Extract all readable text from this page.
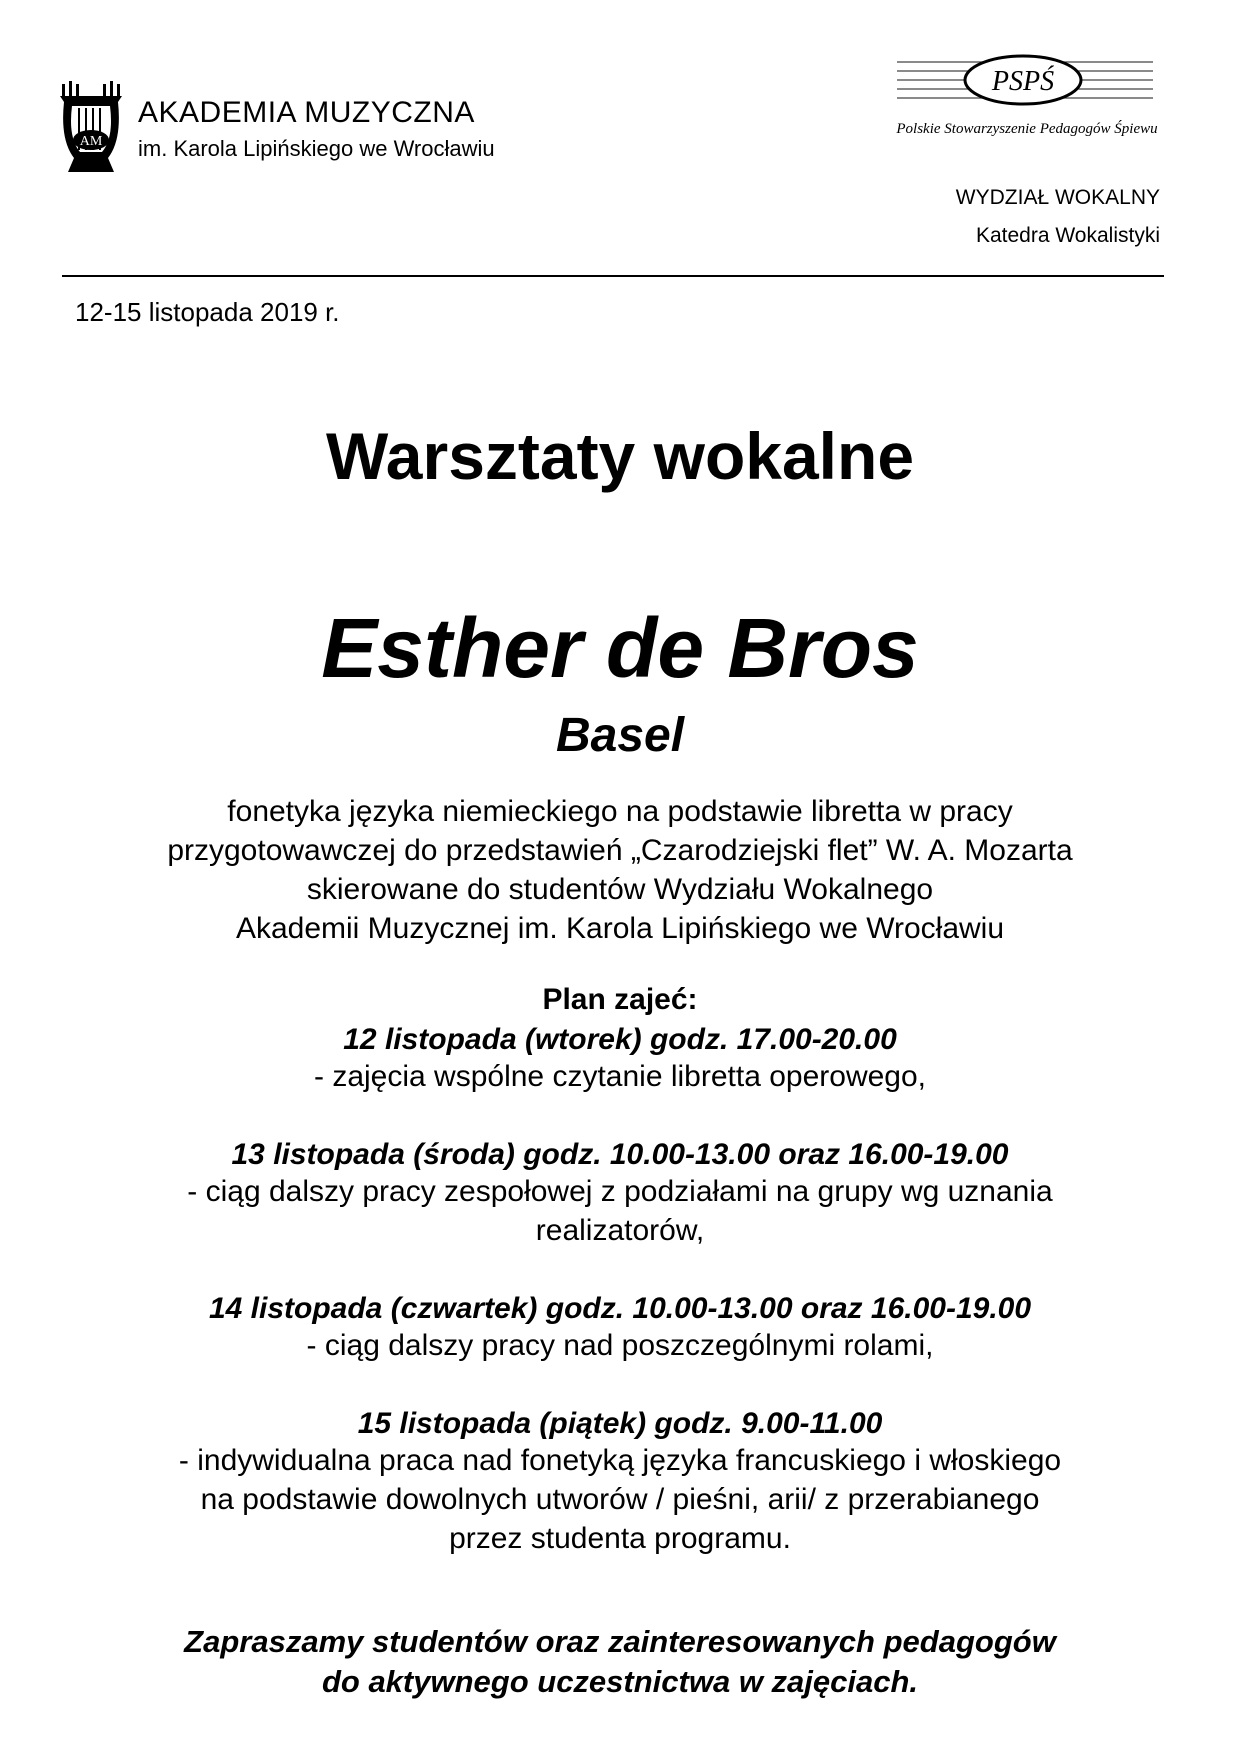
AM
AKADEMIA MUZYCZNA
im. Karola Lipińskiego we Wrocławiu
PSPŚ
Polskie Stowarzyszenie Pedagogów Śpiewu
WYDZIAŁ WOKALNY
Katedra Wokalistyki
12-15 listopada 2019 r.
Warsztaty wokalne
Esther de Bros
Basel
fonetyka języka niemieckiego na podstawie libretta w pracy
przygotowawczej do przedstawień „Czarodziejski flet” W. A. Mozarta
skierowane do studentów Wydziału Wokalnego
Akademii Muzycznej im. Karola Lipińskiego we Wrocławiu
Plan zajeć:
12 listopada (wtorek) godz. 17.00-20.00
- zajęcia wspólne czytanie libretta operowego,
13 listopada (środa) godz. 10.00-13.00 oraz 16.00-19.00
- ciąg dalszy pracy zespołowej z podziałami na grupy wg uznania
realizatorów,
14 listopada (czwartek) godz. 10.00-13.00 oraz 16.00-19.00
- ciąg dalszy pracy nad poszczególnymi rolami,
15 listopada (piątek) godz. 9.00-11.00
- indywidualna praca nad fonetyką języka francuskiego i włoskiego
na podstawie dowolnych utworów / pieśni, arii/ z przerabianego
przez studenta programu.
Zapraszamy studentów oraz zainteresowanych pedagogów
do aktywnego uczestnictwa w zajęciach.
